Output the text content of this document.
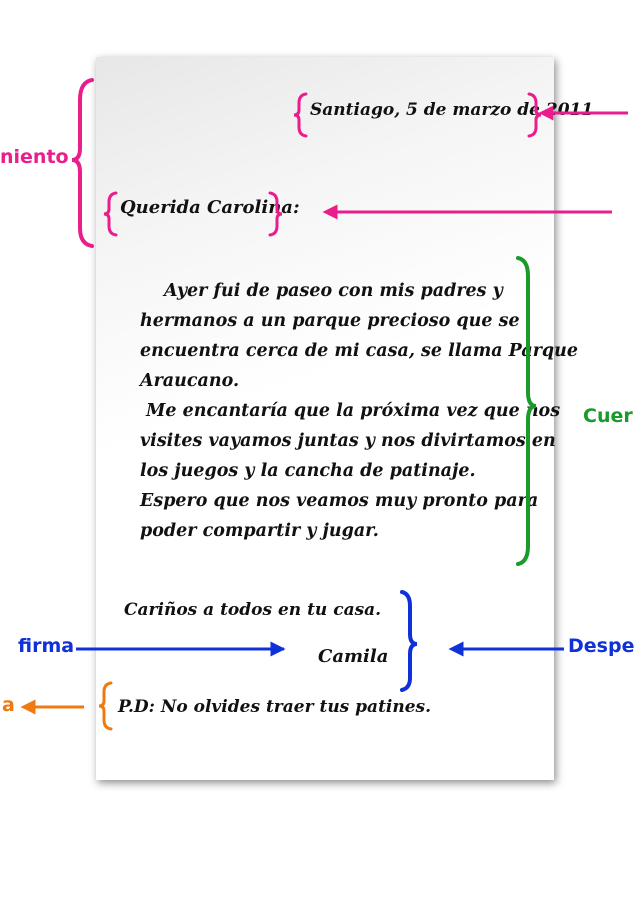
Santiago, 5 de marzo de 2011
Querida Carolina:

Ayer fui de paseo con mis padres y

hermanos a un parque precioso que se

encuentra cerca de mi casa, se llama Parque

Araucano.

Me encantaría que la próxima vez que nos

visites vayamos juntas y nos divirtamos en

los juegos y la cancha de patinaje.

Espero que nos veamos muy pronto para

poder compartir y jugar.

Cariños a todos en tu casa.
Camila
P.D: No olvides traer tus patines.
niento
Cuer
firma	Despe
a
